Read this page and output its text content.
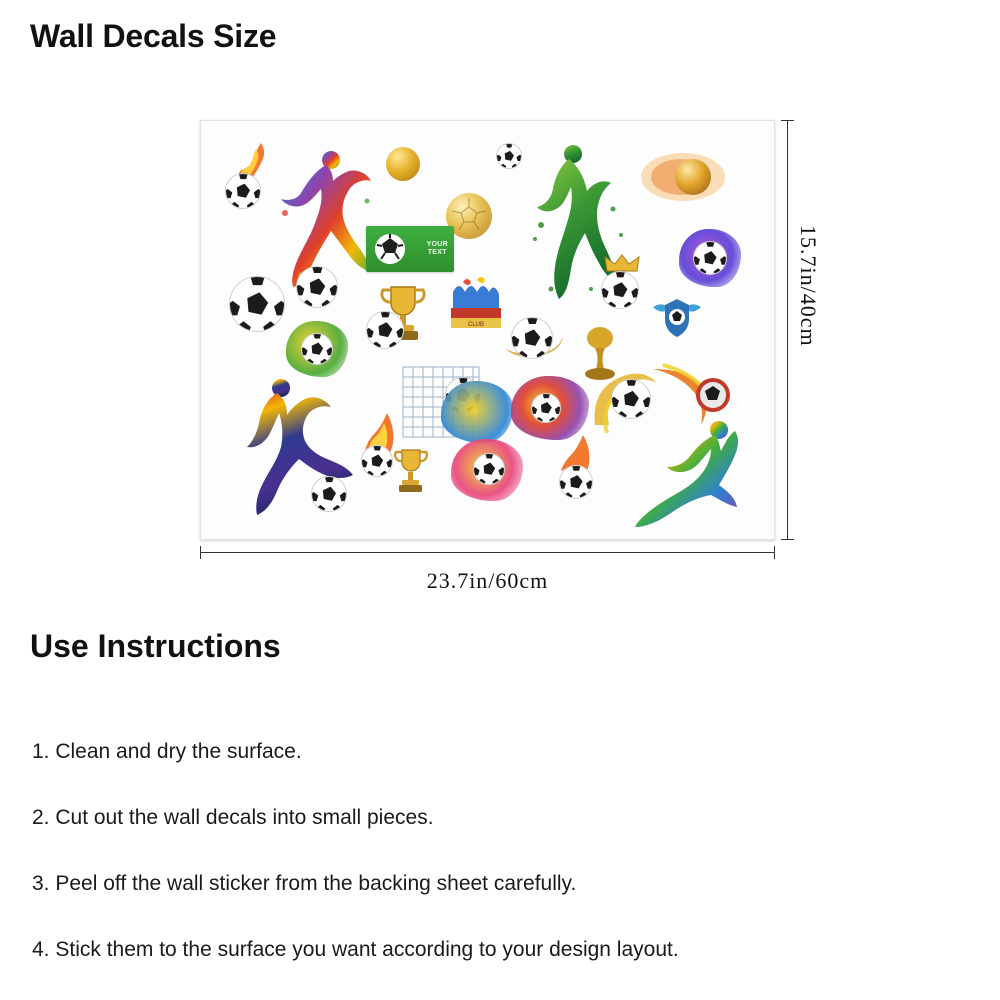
Wall Decals Size
YOUR
TEXT
CLUB	15.7in/40cm
23.7in/60cm
Use Instructions
1. Clean and dry the surface.
2. Cut out the wall decals into small pieces.
3. Peel off the wall sticker from the backing sheet carefully.
4. Stick them to the surface you want according to your design layout.
